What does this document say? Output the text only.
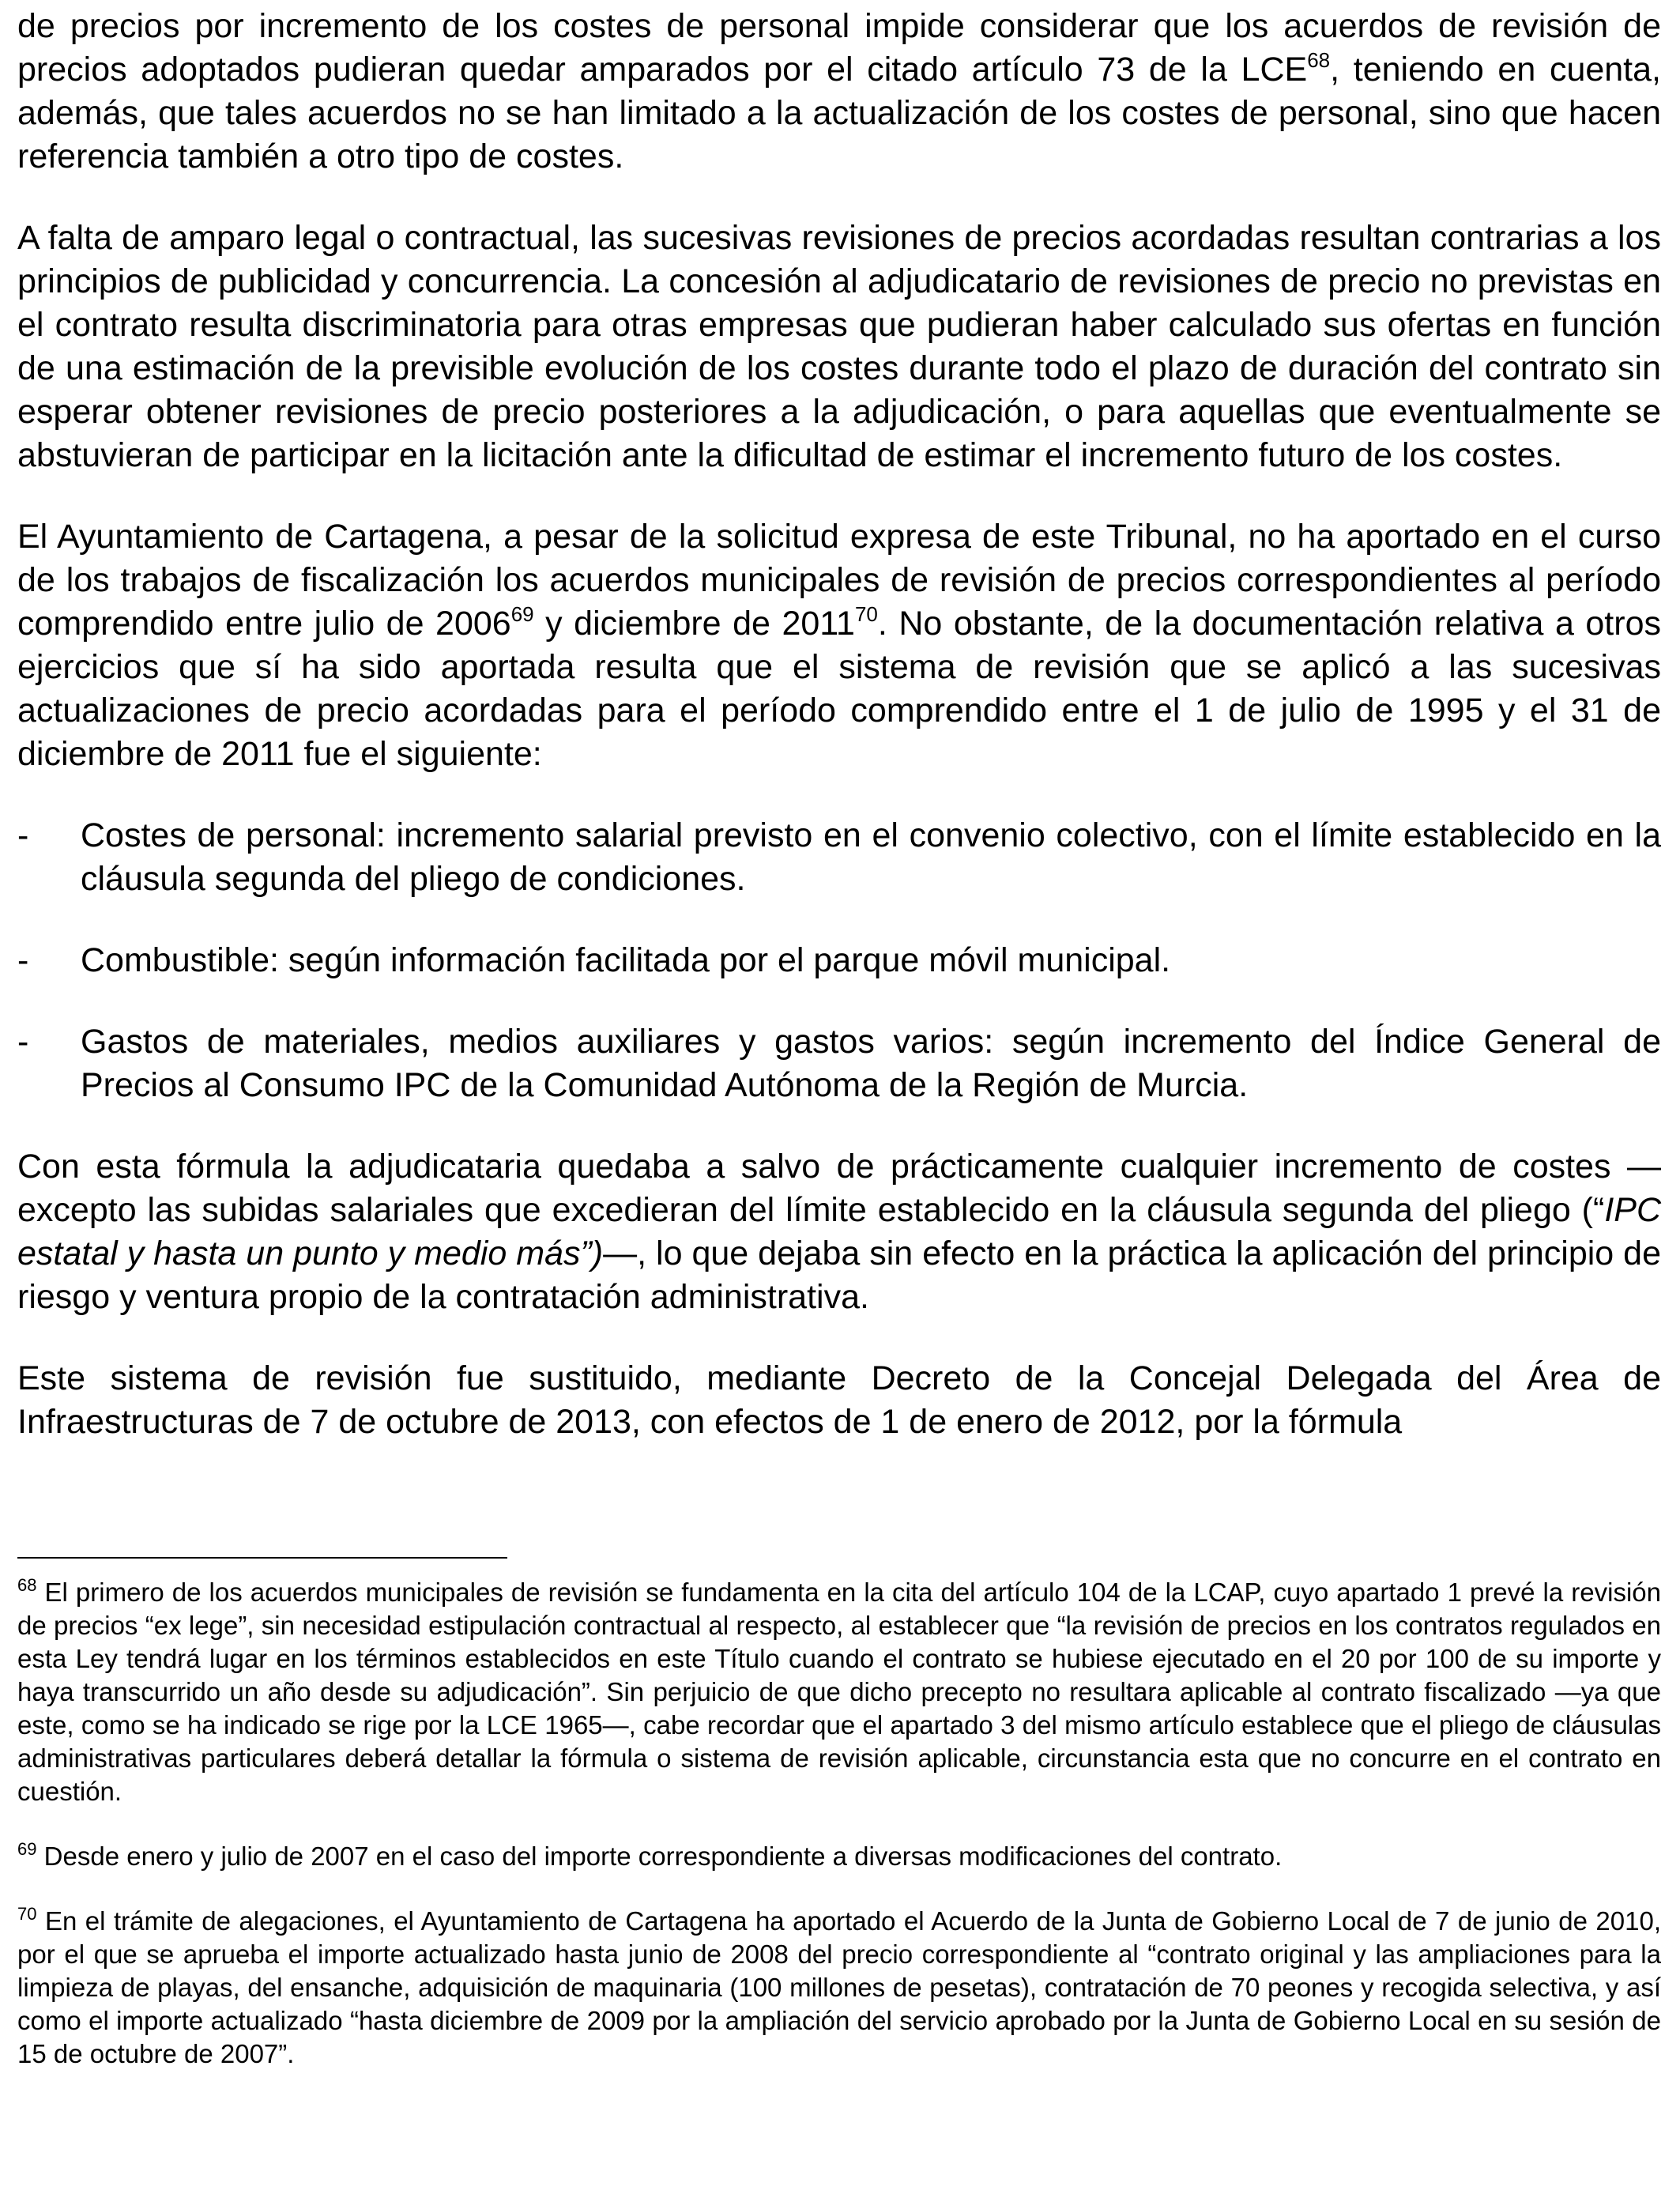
de precios por incremento de los costes de personal impide considerar que los acuerdos de revisión de precios adoptados pudieran quedar amparados por el citado artículo 73 de la LCE$^{68}$, teniendo en cuenta, además, que tales acuerdos no se han limitado a la actualización de los costes de personal, sino que hacen referencia también a otro tipo de costes.

A falta de amparo legal o contractual, las sucesivas revisiones de precios acordadas resultan contrarias a los principios de publicidad y concurrencia. La concesión al adjudicatario de revisiones de precio no previstas en el contrato resulta discriminatoria para otras empresas que pudieran haber calculado sus ofertas en función de una estimación de la previsible evolución de los costes durante todo el plazo de duración del contrato sin esperar obtener revisiones de precio posteriores a la adjudicación, o para aquellas que eventualmente se abstuvieran de participar en la licitación ante la dificultad de estimar el incremento futuro de los costes.

El Ayuntamiento de Cartagena, a pesar de la solicitud expresa de este Tribunal, no ha aportado en el curso de los trabajos de fiscalización los acuerdos municipales de revisión de precios correspondientes al período comprendido entre julio de 2006$^{69}$ y diciembre de 2011$^{70}$. No obstante, de la documentación relativa a otros ejercicios que sí ha sido aportada resulta que el sistema de revisión que se aplicó a las sucesivas actualizaciones de precio acordadas para el período comprendido entre el 1 de julio de 1995 y el 31 de diciembre de 2011 fue el siguiente:

- Costes de personal: incremento salarial previsto en el convenio colectivo, con el límite establecido en la cláusula segunda del pliego de condiciones.
- Combustible: según información facilitada por el parque móvil municipal.
- Gastos de materiales, medios auxiliares y gastos varios: según incremento del Índice General de Precios al Consumo IPC de la Comunidad Autónoma de la Región de Murcia.

Con esta fórmula la adjudicataria quedaba a salvo de prácticamente cualquier incremento de costes —excepto las subidas salariales que excedieran del límite establecido en la cláusula segunda del pliego (“IPC estatal y hasta un punto y medio más”)—, lo que dejaba sin efecto en la práctica la aplicación del principio de riesgo y ventura propio de la contratación administrativa.

Este sistema de revisión fue sustituido, mediante Decreto de la Concejal Delegada del Área de Infraestructuras de 7 de octubre de 2013, con efectos de 1 de enero de 2012, por la fórmula

$^{68}$ El primero de los acuerdos municipales de revisión se fundamenta en la cita del artículo 104 de la LCAP, cuyo apartado 1 prevé la revisión de precios “ex lege”, sin necesidad estipulación contractual al respecto, al establecer que “la revisión de precios en los contratos regulados en esta Ley tendrá lugar en los términos establecidos en este Título cuando el contrato se hubiese ejecutado en el 20 por 100 de su importe y haya transcurrido un año desde su adjudicación”. Sin perjuicio de que dicho precepto no resultara aplicable al contrato fiscalizado —ya que este, como se ha indicado se rige por la LCE 1965—, cabe recordar que el apartado 3 del mismo artículo establece que el pliego de cláusulas administrativas particulares deberá detallar la fórmula o sistema de revisión aplicable, circunstancia esta que no concurre en el contrato en cuestión.

$^{69}$ Desde enero y julio de 2007 en el caso del importe correspondiente a diversas modificaciones del contrato.

$^{70}$ En el trámite de alegaciones, el Ayuntamiento de Cartagena ha aportado el Acuerdo de la Junta de Gobierno Local de 7 de junio de 2010, por el que se aprueba el importe actualizado hasta junio de 2008 del precio correspondiente al “contrato original y las ampliaciones para la limpieza de playas, del ensanche, adquisición de maquinaria (100 millones de pesetas), contratación de 70 peones y recogida selectiva, y así como el importe actualizado “hasta diciembre de 2009 por la ampliación del servicio aprobado por la Junta de Gobierno Local en su sesión de 15 de octubre de 2007”.
